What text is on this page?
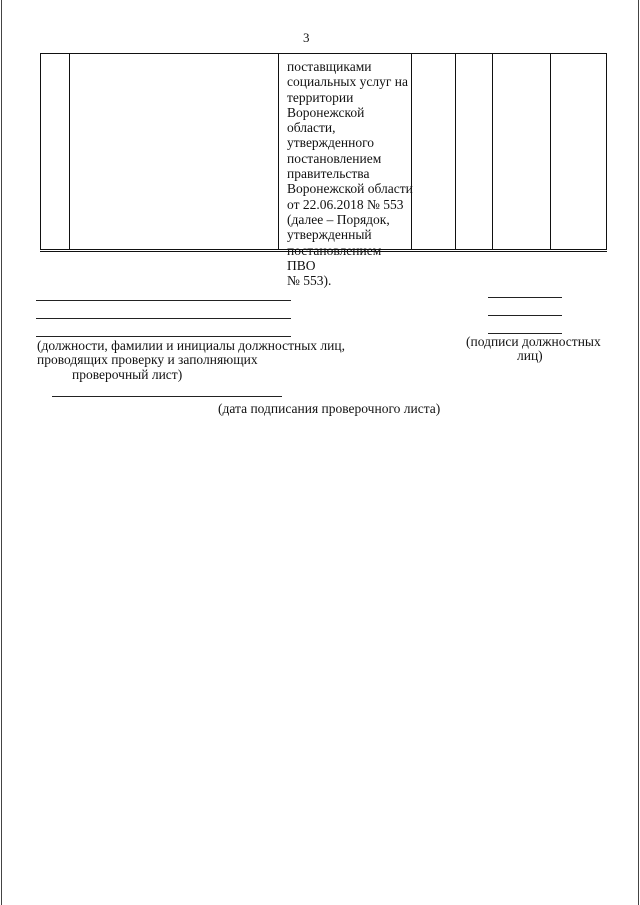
3
поставщиками
социальных услуг на
территории
Воронежской области,
утвержденного
постановлением
правительства
Воронежской области
от 22.06.2018 № 553
(далее – Порядок,
утвержденный
ПВО
№ 553).
(должности, фамилии и инициалы должностных лиц,
проводящих проверку и заполняющих
проверочный лист)
(подписи должностных
лиц)
(дата подписания проверочного листа)
